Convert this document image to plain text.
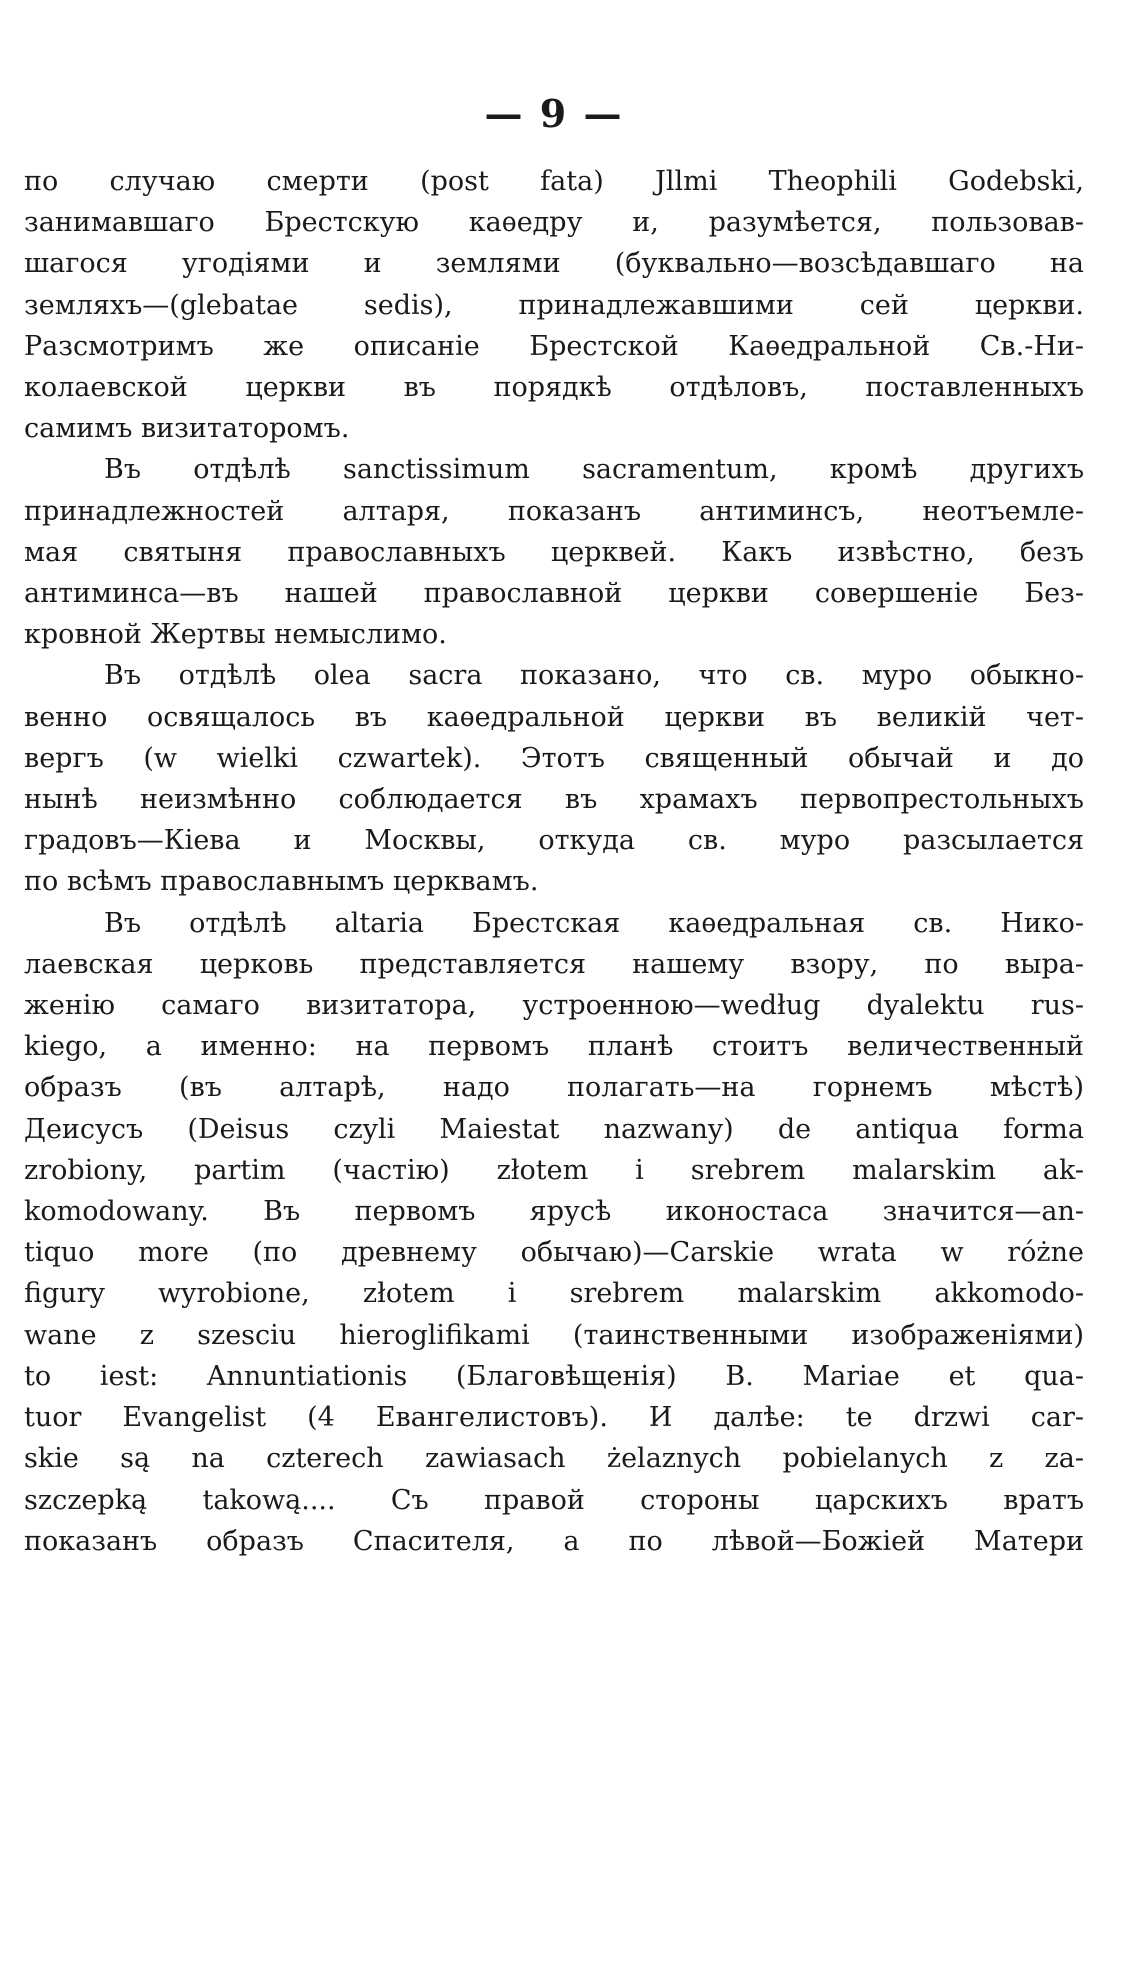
— 9 —
по случаю смерти (post fata) Jllmi Theophili Godebski,
занимавшаго Брестскую каѳедру и, разумѣется, пользовав-
шагося угодіями и землями (буквально—возсѣдавшаго на
земляхъ—(glebatae sedis), принадлежавшими сей церкви.
Разсмотримъ же описаніе Брестской Каѳедральной Св.-Ни-
колаевской церкви въ порядкѣ отдѣловъ, поставленныхъ
самимъ визитаторомъ.
Въ отдѣлѣ sanctissimum sacramentum, кромѣ другихъ
принадлежностей алтаря, показанъ антиминсъ, неотъемле-
мая святыня православныхъ церквей. Какъ извѣстно, безъ
антиминса—въ нашей православной церкви совершеніе Без-
кровной Жертвы немыслимо.
Въ отдѣлѣ olea sacra показано, что св. муро обыкно-
венно освящалось въ каѳедральной церкви въ великій чет-
вергъ (w wielki czwartek). Этотъ священный обычай и до
нынѣ неизмѣнно соблюдается въ храмахъ первопрестольныхъ
градовъ—Кіева и Москвы, откуда св. муро разсылается
по всѣмъ православнымъ церквамъ.
Въ отдѣлѣ altaria Брестская каѳедральная св. Нико-
лаевская церковь представляется нашему взору, по выра-
женію самаго визитатора, устроенною—według dyalektu rus-
kiego, а именно: на первомъ планѣ стоитъ величественный
образъ (въ алтарѣ, надо полагать—на горнемъ мѣстѣ)
Деисусъ (Deisus czyli Maiestat nazwany) de antiqua forma
zrobiony, partim (частію) złotem i srebrem malarskim ak-
komodowany. Въ первомъ ярусѣ иконостаса значится—an-
tiquo more (по древнему обычаю)—Carskie wrata w różne
figury wyrobione, złotem i srebrem malarskim akkomodo-
wane z szesciu hieroglifikami (таинственными изображеніями)
to iest: Annuntiationis (Благовѣщенія) B. Mariae et qua-
tuor Evangelist (4 Евангелистовъ). И далѣе: te drzwi car-
skie są na czterech zawiasach żelaznych pobielanych z za-
szczepką takową.... Съ правой стороны царскихъ вратъ
показанъ образъ Спасителя, а по лѣвой—Божіей Матери
